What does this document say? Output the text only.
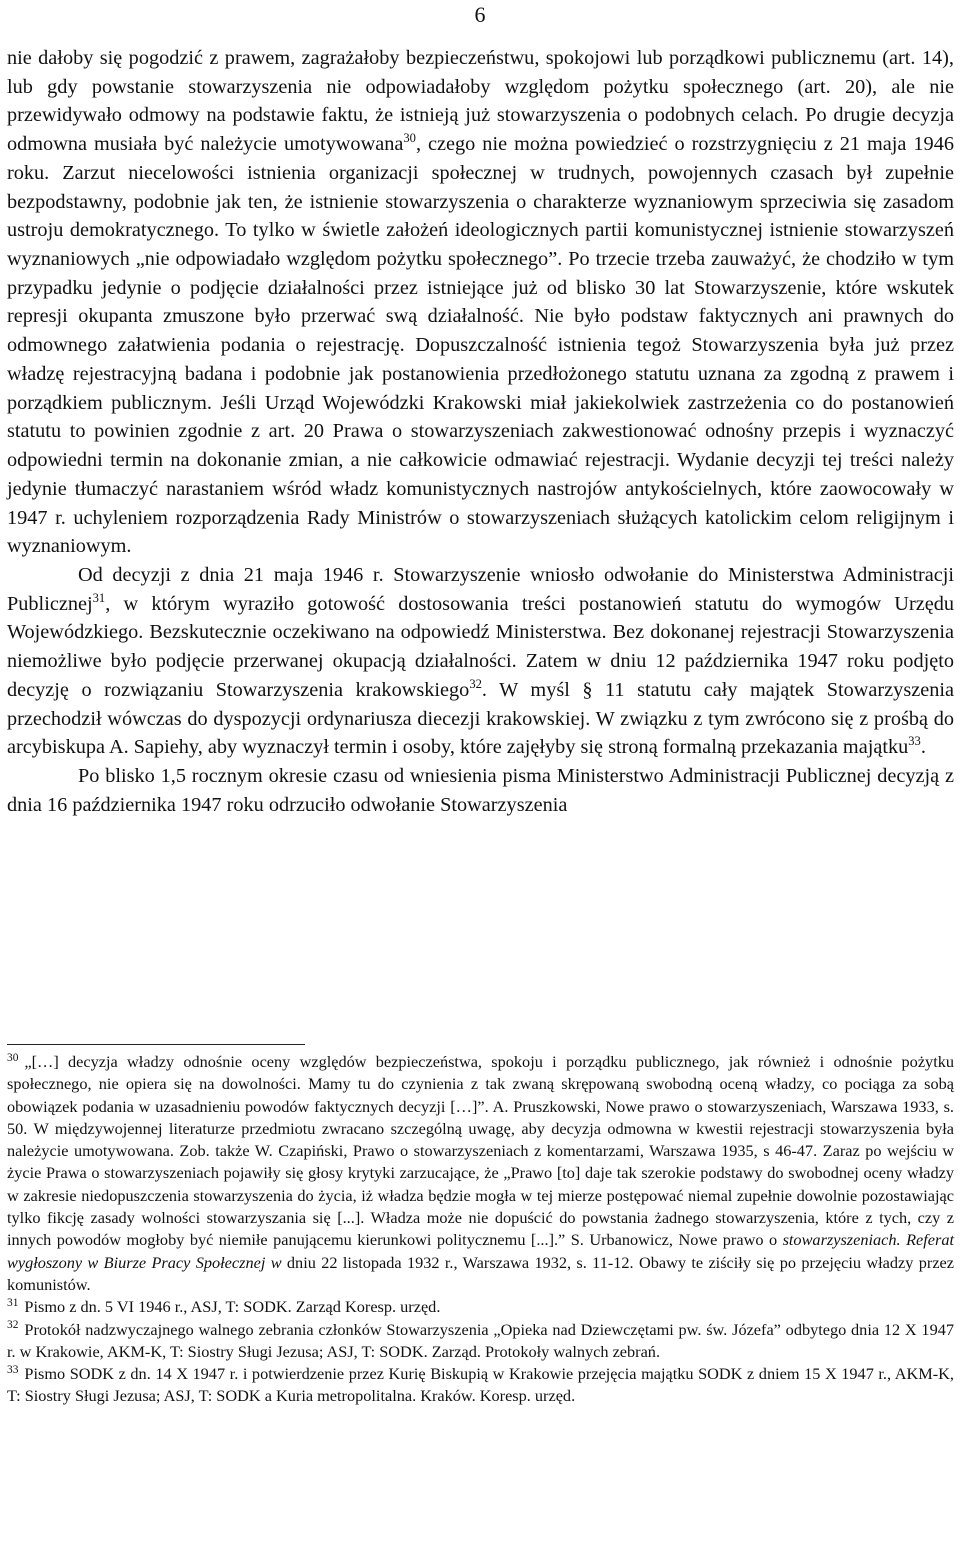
6

nie dałoby się pogodzić z prawem, zagrażałoby bezpieczeństwu, spokojowi lub porządkowi publicznemu (art. 14), lub gdy powstanie stowarzyszenia nie odpowiadałoby względom pożytku społecznego (art. 20), ale nie przewidywało odmowy na podstawie faktu, że istnieją już stowarzyszenia o podobnych celach. Po drugie decyzja odmowna musiała być należycie umotywowana$^{30}$, czego nie można powiedzieć o rozstrzygnięciu z 21 maja 1946 roku. Zarzut niecelowości istnienia organizacji społecznej w trudnych, powojennych czasach był zupełnie bezpodstawny, podobnie jak ten, że istnienie stowarzyszenia o charakterze wyznaniowym sprzeciwia się zasadom ustroju demokratycznego. To tylko w świetle założeń ideologicznych partii komunistycznej istnienie stowarzyszeń wyznaniowych „nie odpowiadało względom pożytku społecznego”. Po trzecie trzeba zauważyć, że chodziło w tym przypadku jedynie o podjęcie działalności przez istniejące już od blisko 30 lat Stowarzyszenie, które wskutek represji okupanta zmuszone było przerwać swą działalność. Nie było podstaw faktycznych ani prawnych do odmownego załatwienia podania o rejestrację. Dopuszczalność istnienia tegoż Stowarzyszenia była już przez władzę rejestracyjną badana i podobnie jak postanowienia przedłożonego statutu uznana za zgodną z prawem i porządkiem publicznym. Jeśli Urząd Wojewódzki Krakowski miał jakiekolwiek zastrzeżenia co do postanowień statutu to powinien zgodnie z art. 20 Prawa o stowarzyszeniach zakwestionować odnośny przepis i wyznaczyć odpowiedni termin na dokonanie zmian, a nie całkowicie odmawiać rejestracji. Wydanie decyzji tej treści należy jedynie tłumaczyć narastaniem wśród władz komunistycznych nastrojów antykościelnych, które zaowocowały w 1947 r. uchyleniem rozporządzenia Rady Ministrów o stowarzyszeniach służących katolickim celom religijnym i wyznaniowym.

Od decyzji z dnia 21 maja 1946 r. Stowarzyszenie wniosło odwołanie do Ministerstwa Administracji Publicznej$^{31}$, w którym wyraziło gotowość dostosowania treści postanowień statutu do wymogów Urzędu Wojewódzkiego. Bezskutecznie oczekiwano na odpowiedź Ministerstwa. Bez dokonanej rejestracji Stowarzyszenia niemożliwe było podjęcie przerwanej okupacją działalności. Zatem w dniu 12 października 1947 roku podjęto decyzję o rozwiązaniu Stowarzyszenia krakowskiego$^{32}$. W myśl § 11 statutu cały majątek Stowarzyszenia przechodził wówczas do dyspozycji ordynariusza diecezji krakowskiej. W związku z tym zwrócono się z prośbą do arcybiskupa A. Sapiehy, aby wyznaczył termin i osoby, które zajęłyby się stroną formalną przekazania majątku$^{33}$.

Po blisko 1,5 rocznym okresie czasu od wniesienia pisma Ministerstwo Administracji Publicznej decyzją z dnia 16 października 1947 roku odrzuciło odwołanie Stowarzyszenia

$^{30}$ „[…] decyzja władzy odnośnie oceny względów bezpieczeństwa, spokoju i porządku publicznego, jak również i odnośnie pożytku społecznego, nie opiera się na dowolności. Mamy tu do czynienia z tak zwaną skrępowaną swobodną oceną władzy, co pociąga za sobą obowiązek podania w uzasadnieniu powodów faktycznych decyzji […]”. A. Pruszkowski, Nowe prawo o stowarzyszeniach, Warszawa 1933, s. 50. W międzywojennej literaturze przedmiotu zwracano szczególną uwagę, aby decyzja odmowna w kwestii rejestracji stowarzyszenia była należycie umotywowana. Zob. także W. Czapiński, Prawo o stowarzyszeniach z komentarzami, Warszawa 1935, s 46-47. Zaraz po wejściu w życie Prawa o stowarzyszeniach pojawiły się głosy krytyki zarzucające, że „Prawo [to] daje tak szerokie podstawy do swobodnej oceny władzy w zakresie niedopuszczenia stowarzyszenia do życia, iż władza będzie mogła w tej mierze postępować niemal zupełnie dowolnie pozostawiając tylko fikcję zasady wolności stowarzyszania się [...]. Władza może nie dopuścić do powstania żadnego stowarzyszenia, które z tych, czy z innych powodów mogłoby być niemiłe panującemu kierunkowi politycznemu [...].” S. Urbanowicz, Nowe prawo o stowarzyszeniach. Referat wygłoszony w Biurze Pracy Społecznej w dniu 22 listopada 1932 r., Warszawa 1932, s. 11-12. Obawy te ziściły się po przejęciu władzy przez komunistów.

$^{31}$ Pismo z dn. 5 VI 1946 r., ASJ, T: SODK. Zarząd Koresp. urzęd.

$^{32}$ Protokół nadzwyczajnego walnego zebrania członków Stowarzyszenia „Opieka nad Dziewczętami pw. św. Józefa” odbytego dnia 12 X 1947 r. w Krakowie, AKM-K, T: Siostry Sługi Jezusa; ASJ, T: SODK. Zarząd. Protokoły walnych zebrań.

$^{33}$ Pismo SODK z dn. 14 X 1947 r. i potwierdzenie przez Kurię Biskupią w Krakowie przejęcia majątku SODK z dniem 15 X 1947 r., AKM-K, T: Siostry Sługi Jezusa; ASJ, T: SODK a Kuria metropolitalna. Kraków. Koresp. urzęd.
